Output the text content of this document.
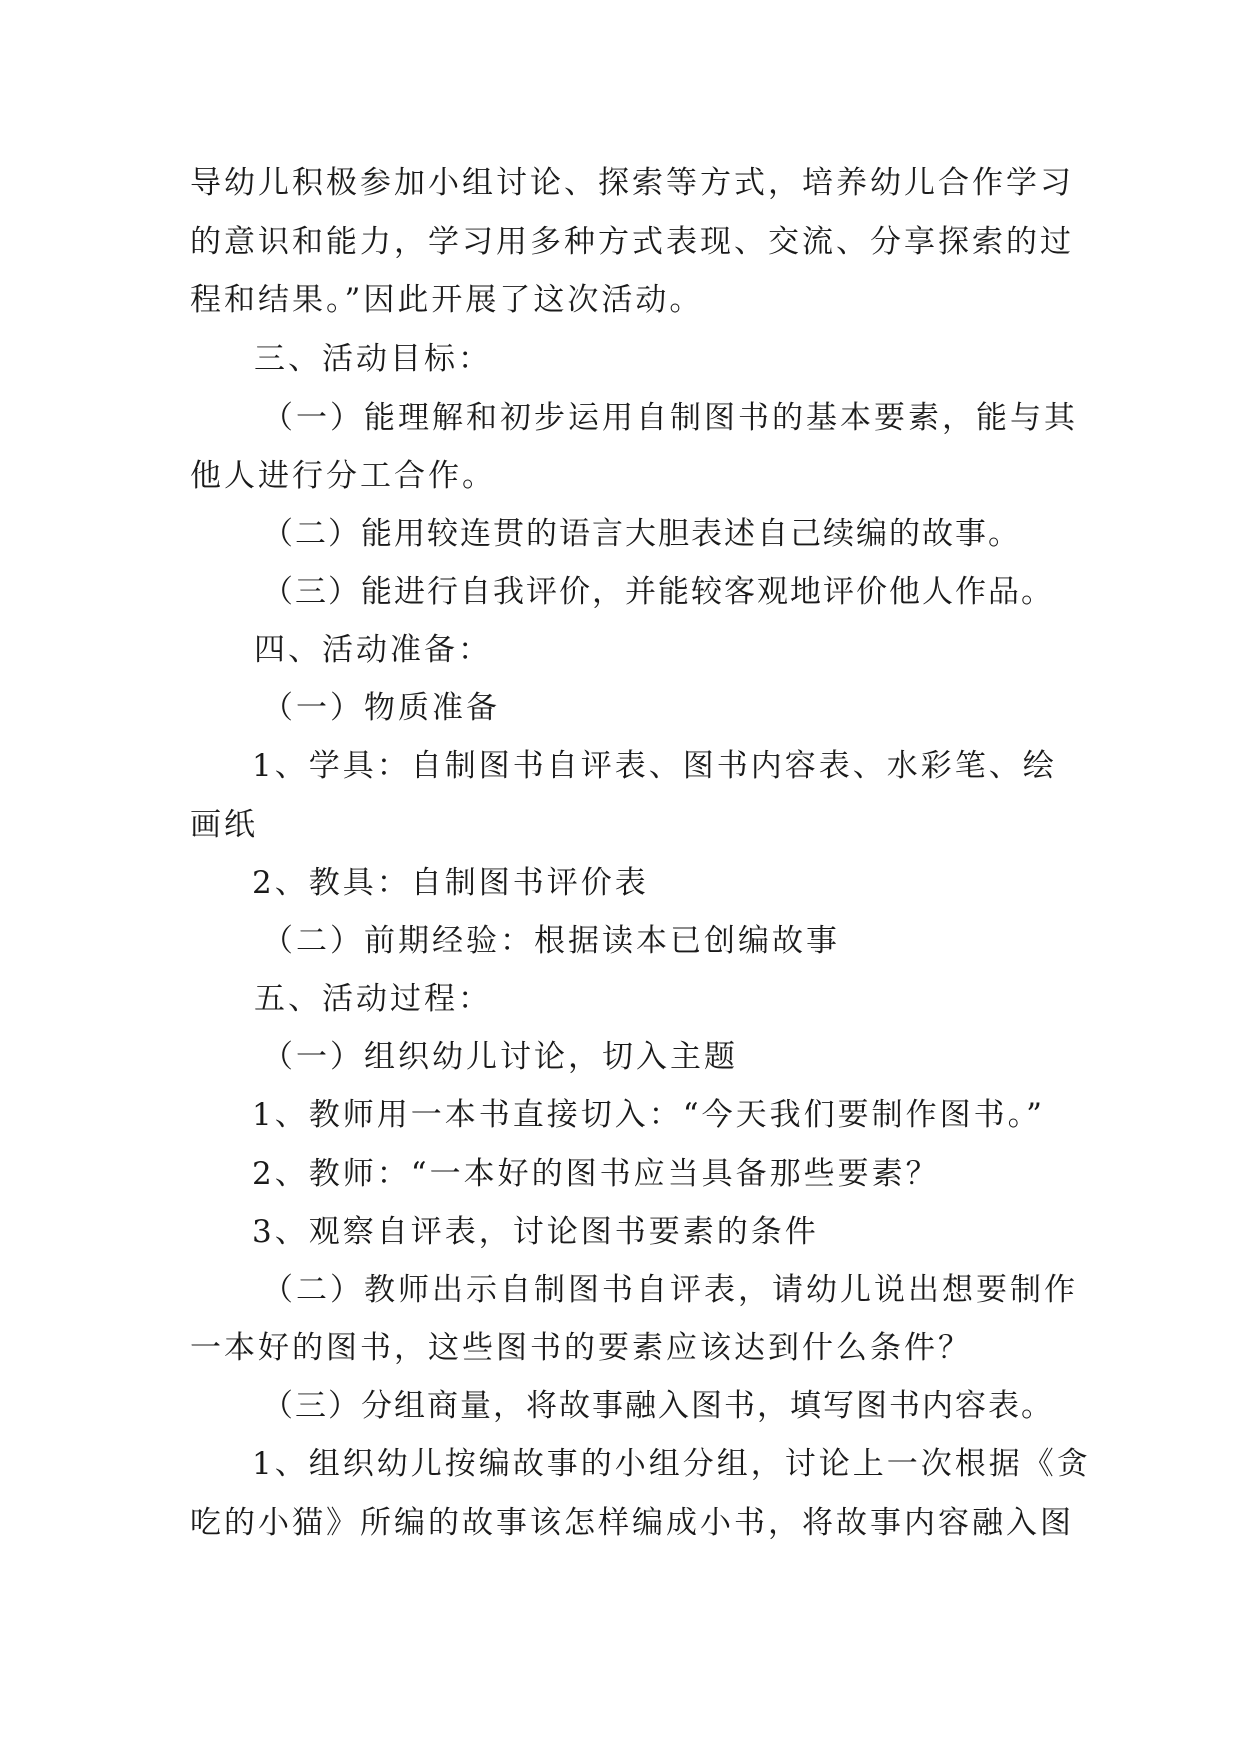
导幼儿积极参加小组讨论、探索等方式，培养幼儿合作学习
的意识和能力，学习用多种方式表现、交流、分享探索的过
程和结果。”因此开展了这次活动。
三、活动目标：
（一）能理解和初步运用自制图书的基本要素，能与其
他人进行分工合作。
（二）能用较连贯的语言大胆表述自己续编的故事。
（三）能进行自我评价，并能较客观地评价他人作品。
四、活动准备：
（一）物质准备
1、学具：自制图书自评表、图书内容表、水彩笔、绘
画纸
2、教具：自制图书评价表
（二）前期经验：根据读本已创编故事
五、活动过程：
（一）组织幼儿讨论，切入主题
1、教师用一本书直接切入：“今天我们要制作图书。”
2、教师：“一本好的图书应当具备那些要素？
3、观察自评表，讨论图书要素的条件
（二）教师出示自制图书自评表，请幼儿说出想要制作
一本好的图书，这些图书的要素应该达到什么条件？
（三）分组商量，将故事融入图书，填写图书内容表。
1、组织幼儿按编故事的小组分组，讨论上一次根据《贪
吃的小猫》所编的故事该怎样编成小书，将故事内容融入图
